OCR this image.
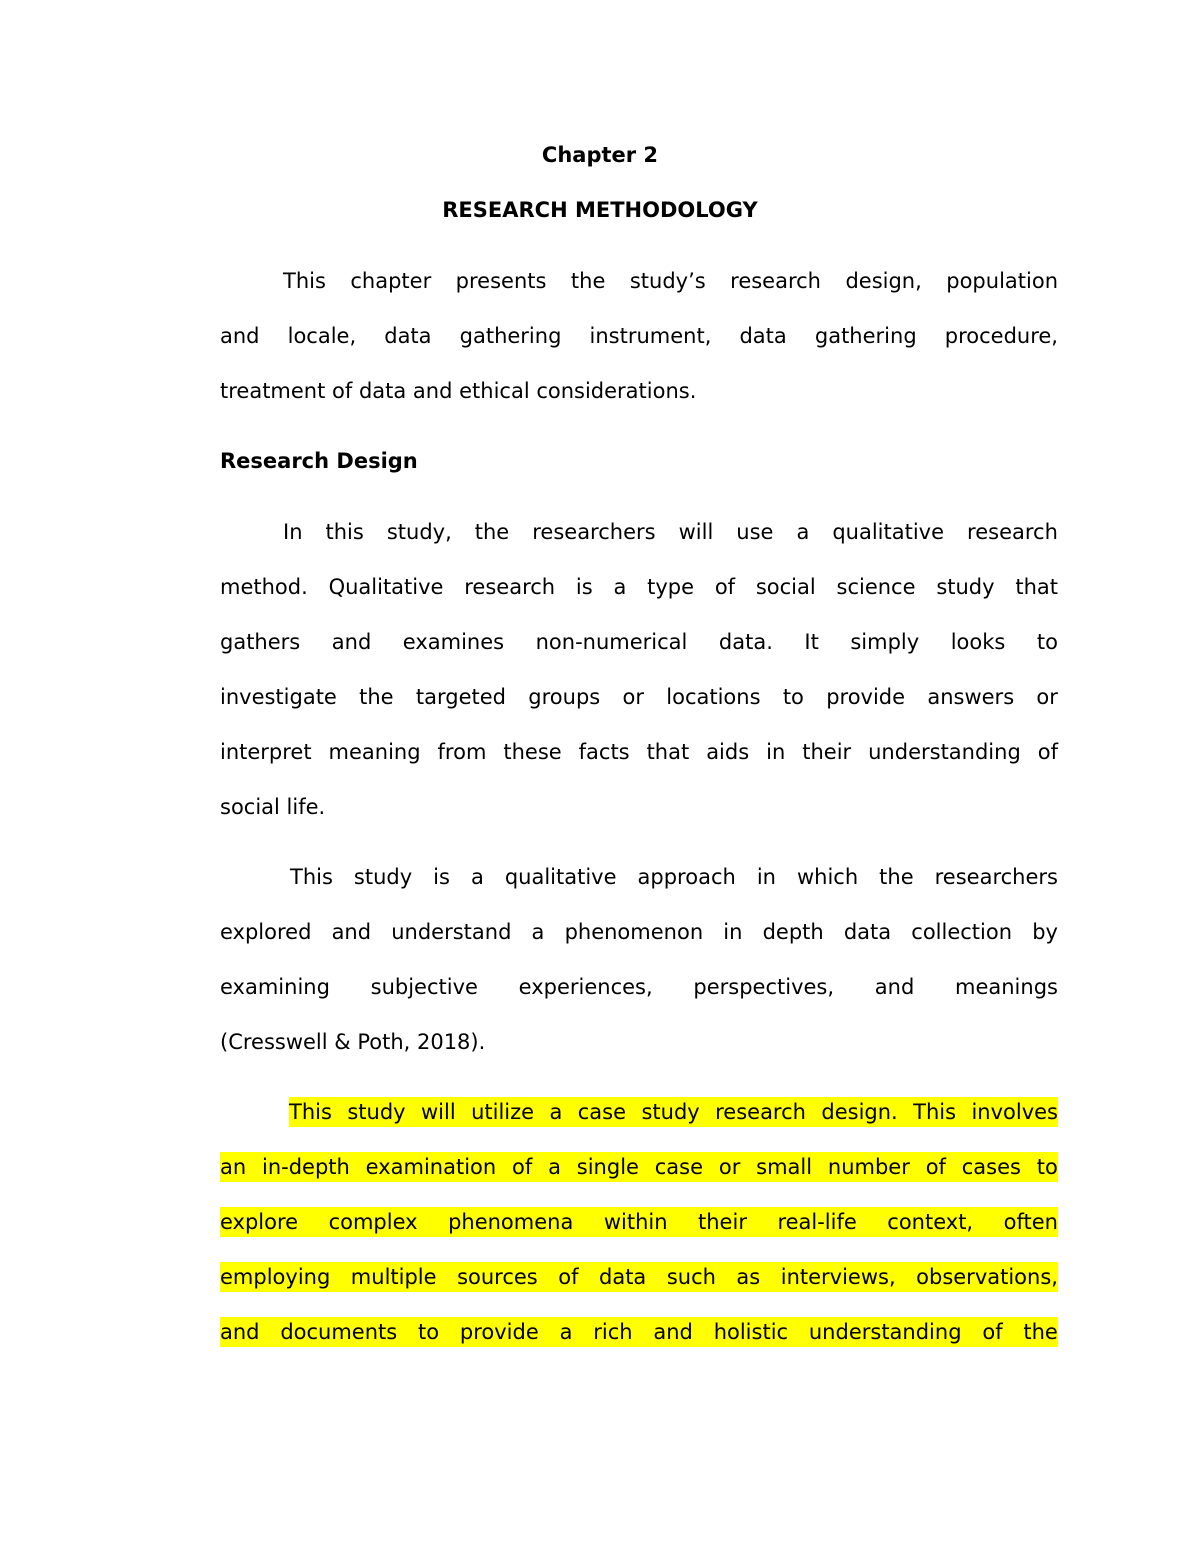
Chapter 2
RESEARCH METHODOLOGY
This chapter presents the study’s research design, population
and locale, data gathering instrument, data gathering procedure,
treatment of data and ethical considerations.
Research Design
In this study, the researchers will use a qualitative research
method. Qualitative research is a type of social science study that
gathers and examines non-numerical data. It simply looks to
investigate the targeted groups or locations to provide answers or
interpret meaning from these facts that aids in their understanding of
social life.
This study is a qualitative approach in which the researchers
explored and understand a phenomenon in depth data collection by
examining subjective experiences, perspectives, and meanings
(Cresswell & Poth, 2018).
This study will utilize a case study research design. This involves
an in-depth examination of a single case or small number of cases to
explore complex phenomena within their real-life context, often
employing multiple sources of data such as interviews, observations,
and documents to provide a rich and holistic understanding of the
